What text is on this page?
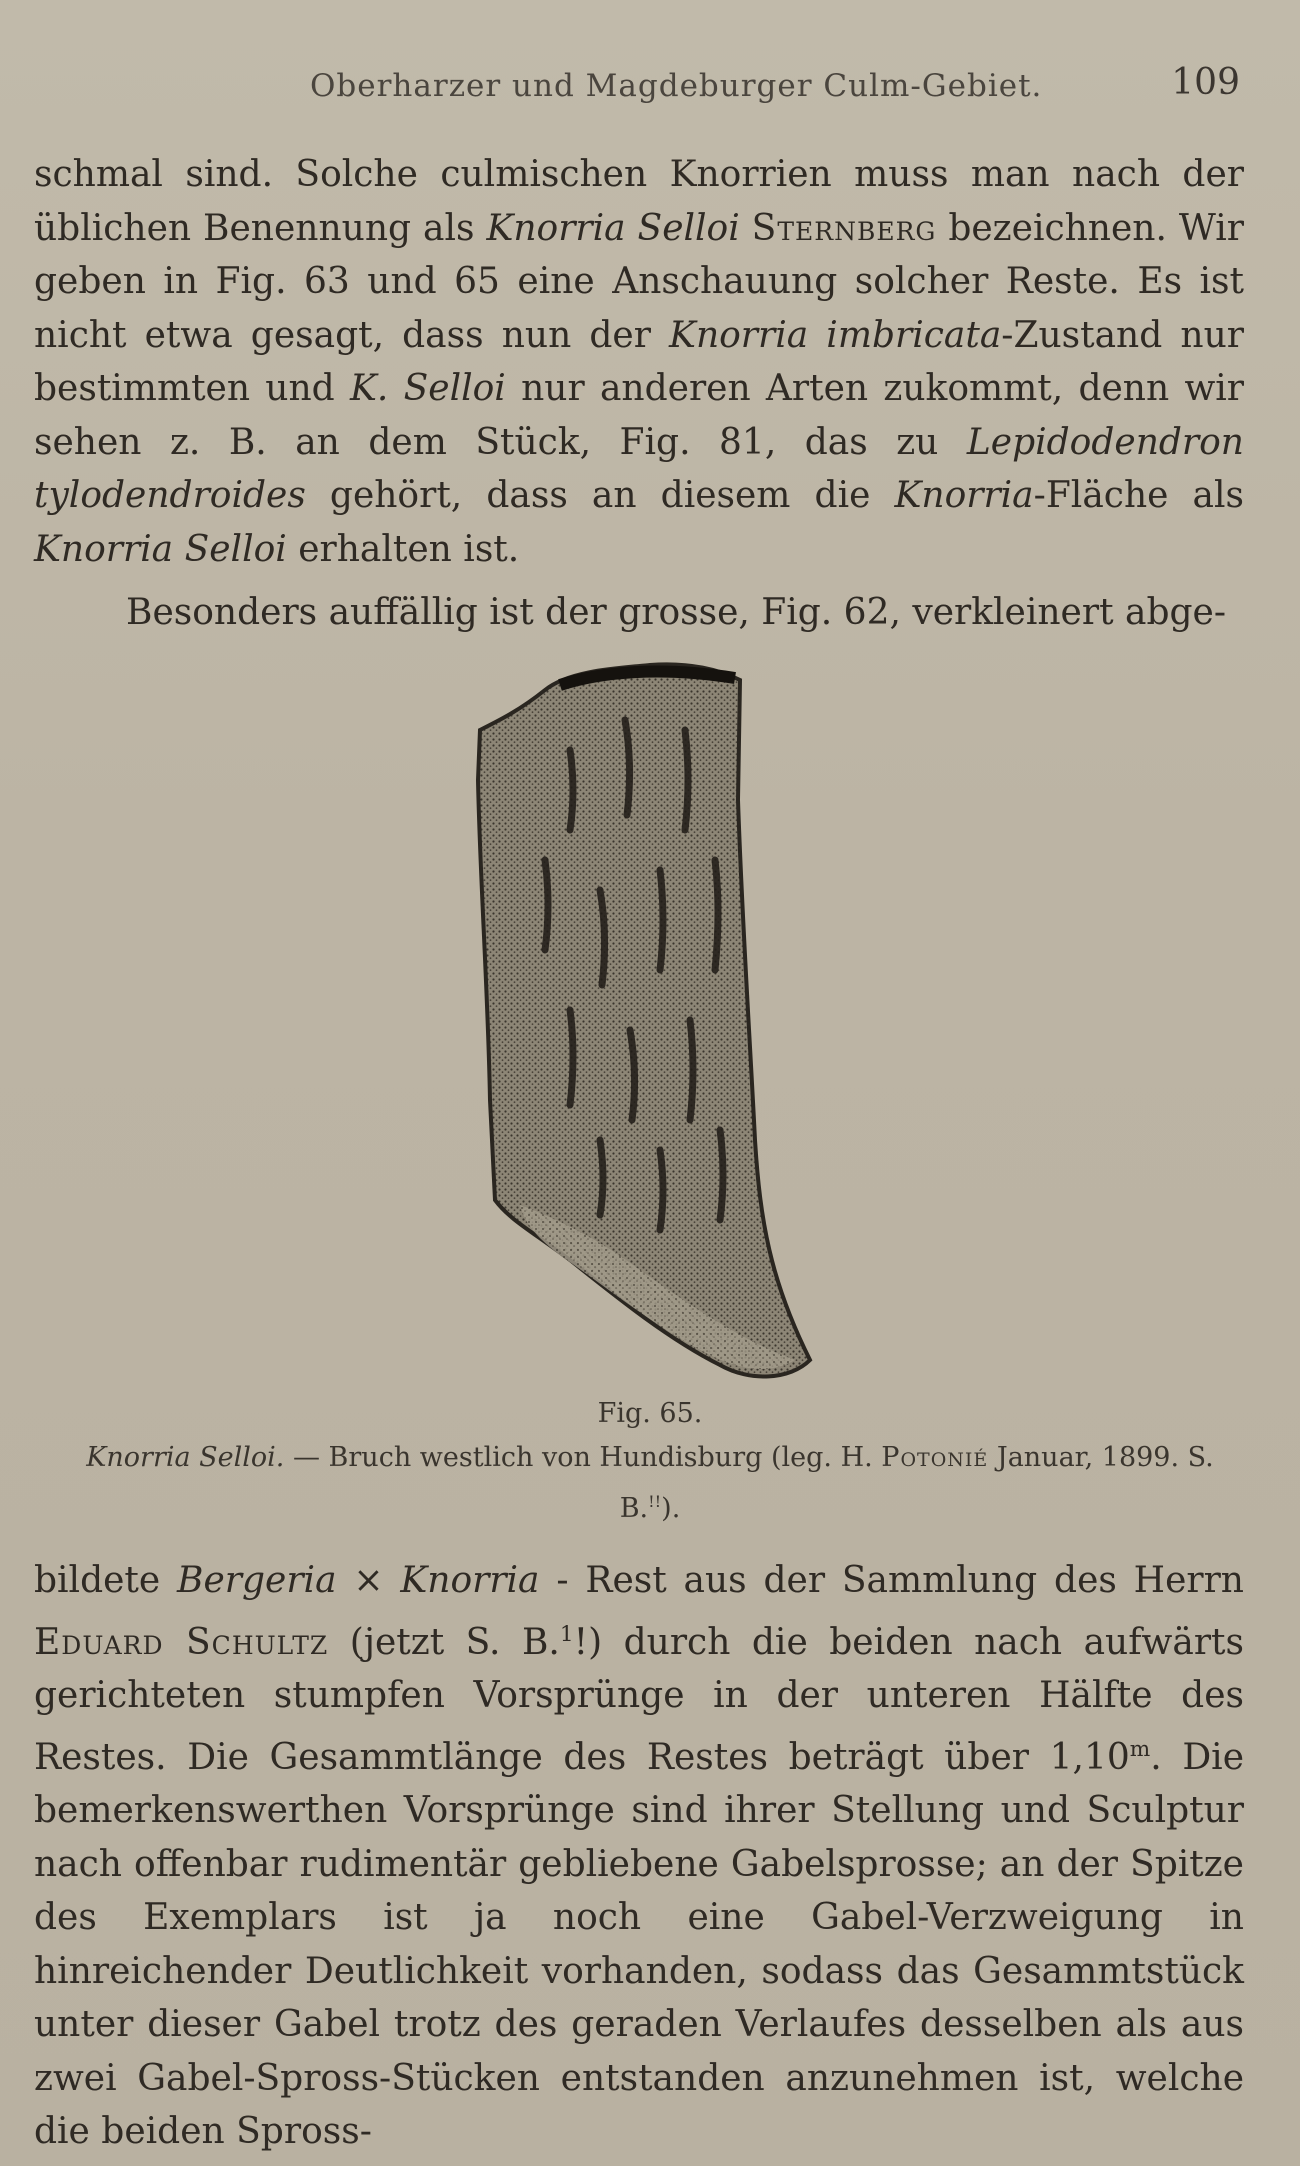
Oberharzer und Magdeburger Culm-Gebiet.	109

schmal sind. Solche culmischen Knorrien muss man nach der üblichen Benennung als Knorria Selloi Sternberg bezeichnen. Wir geben in Fig. 63 und 65 eine Anschauung solcher Reste. Es ist nicht etwa gesagt, dass nun der Knorria imbricata-Zustand nur bestimmten und K. Selloi nur anderen Arten zukommt, denn wir sehen z. B. an dem Stück, Fig. 81, das zu Lepidodendron tylodendroides gehört, dass an diesem die Knorria-Fläche als Knorria Selloi erhalten ist.

Besonders auffällig ist der grosse, Fig. 62, verkleinert abge-

Fig. 65.
Knorria Selloi. — Bruch westlich von Hundisburg (leg. H. Potonié Januar, 1899. S. B.!!).

bildete Bergeria × Knorria - Rest aus der Sammlung des Herrn Eduard Schultz (jetzt S. B.$^1$!) durch die beiden nach aufwärts gerichteten stumpfen Vorsprünge in der unteren Hälfte des Restes. Die Gesammtlänge des Restes beträgt über 1,10$^m$. Die bemerkenswerthen Vorsprünge sind ihrer Stellung und Sculptur nach offenbar rudimentär gebliebene Gabelsprosse; an der Spitze des Exemplars ist ja noch eine Gabel-Verzweigung in hinreichender Deutlichkeit vorhanden, sodass das Gesammtstück unter dieser Gabel trotz des geraden Verlaufes desselben als aus zwei Gabel-Spross-Stücken entstanden anzunehmen ist, welche die beiden Spross-
